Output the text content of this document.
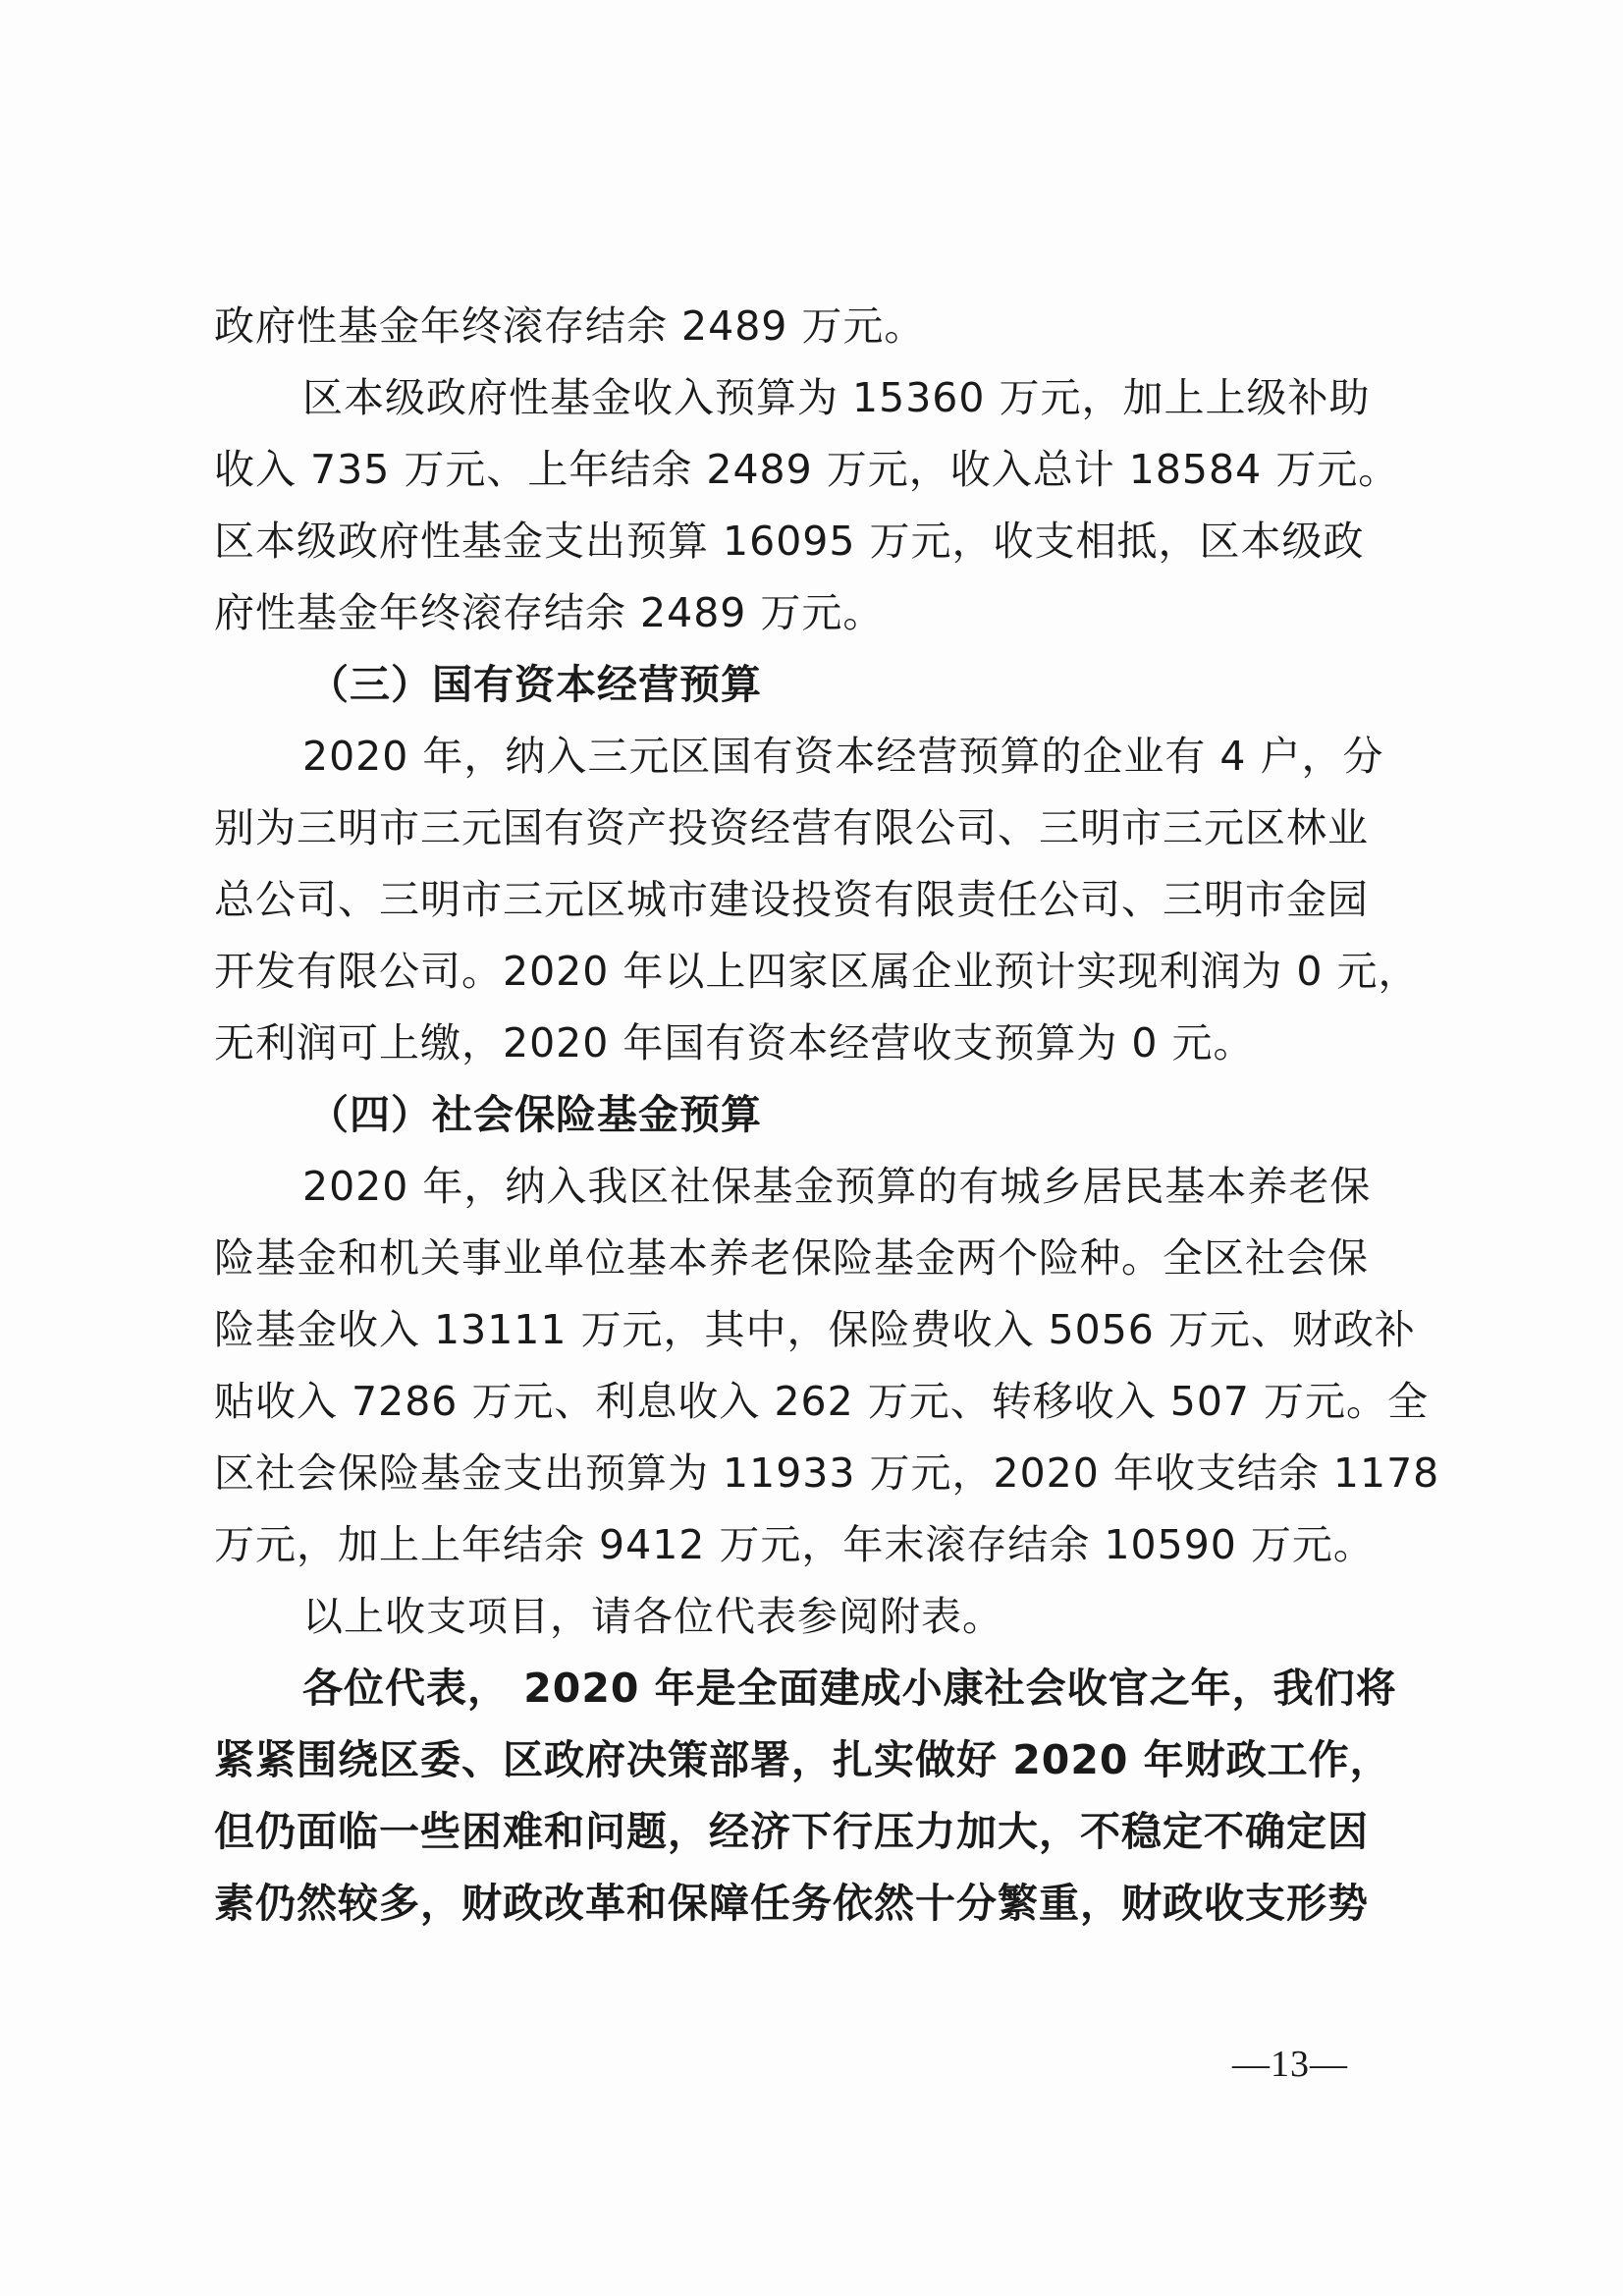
政府性基金年终滚存结余 2489 万元。
区本级政府性基金收入预算为 15360 万元，加上上级补助
收入 735 万元、上年结余 2489 万元，收入总计 18584 万元。
区本级政府性基金支出预算 16095 万元，收支相抵，区本级政
府性基金年终滚存结余 2489 万元。
（三）国有资本经营预算
2020 年，纳入三元区国有资本经营预算的企业有 4 户，分
别为三明市三元国有资产投资经营有限公司、三明市三元区林业
总公司、三明市三元区城市建设投资有限责任公司、三明市金园
开发有限公司。2020 年以上四家区属企业预计实现利润为 0 元，
无利润可上缴，2020 年国有资本经营收支预算为 0 元。
（四）社会保险基金预算
2020 年，纳入我区社保基金预算的有城乡居民基本养老保
险基金和机关事业单位基本养老保险基金两个险种。全区社会保
险基金收入 13111 万元，其中，保险费收入 5056 万元、财政补
贴收入 7286 万元、利息收入 262 万元、转移收入 507 万元。全
区社会保险基金支出预算为 11933 万元，2020 年收支结余 1178
万元，加上上年结余 9412 万元，年末滚存结余 10590 万元。
以上收支项目，请各位代表参阅附表。
各位代表， 2020 年是全面建成小康社会收官之年，我们将
紧紧围绕区委、区政府决策部署，扎实做好 2020 年财政工作，
但仍面临一些困难和问题，经济下行压力加大，不稳定不确定因
素仍然较多，财政改革和保障任务依然十分繁重，财政收支形势
—13—
